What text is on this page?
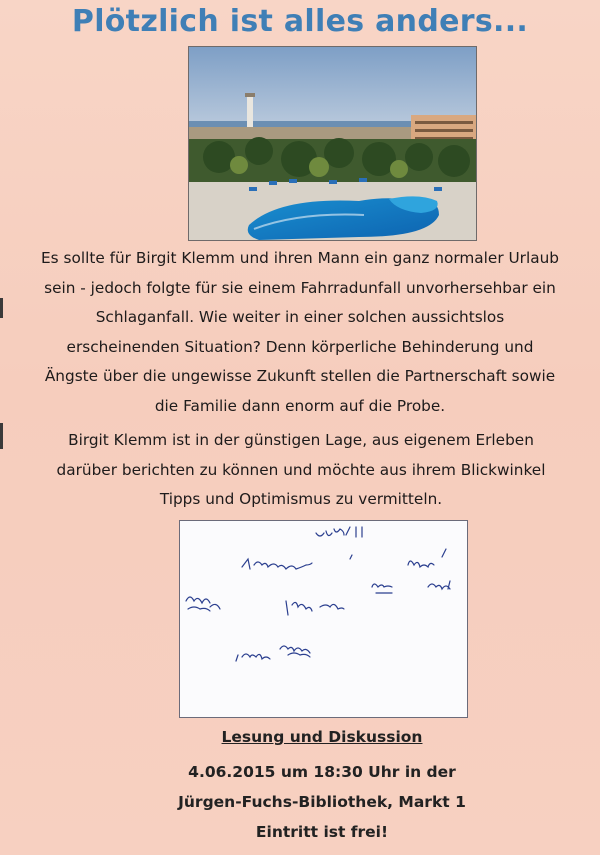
Plötzlich ist alles anders...
Es sollte für Birgit Klemm und ihren Mann ein ganz normaler Urlaub sein - jedoch folgte für sie einem Fahrradunfall unvorhersehbar ein Schlaganfall. Wie weiter in einer solchen aussichtslos erscheinenden Situation? Denn körperliche Behinderung und Ängste über die ungewisse Zukunft stellen die Partnerschaft sowie die Familie dann enorm auf die Probe.
Birgit Klemm ist in der günstigen Lage, aus eigenem Erleben darüber berichten zu können und möchte aus ihrem Blickwinkel Tipps und Optimismus zu vermitteln.
Lesung und Diskussion
4.06.2015 um 18:30 Uhr in der
Jürgen-Fuchs-Bibliothek, Markt 1
Eintritt ist frei!
